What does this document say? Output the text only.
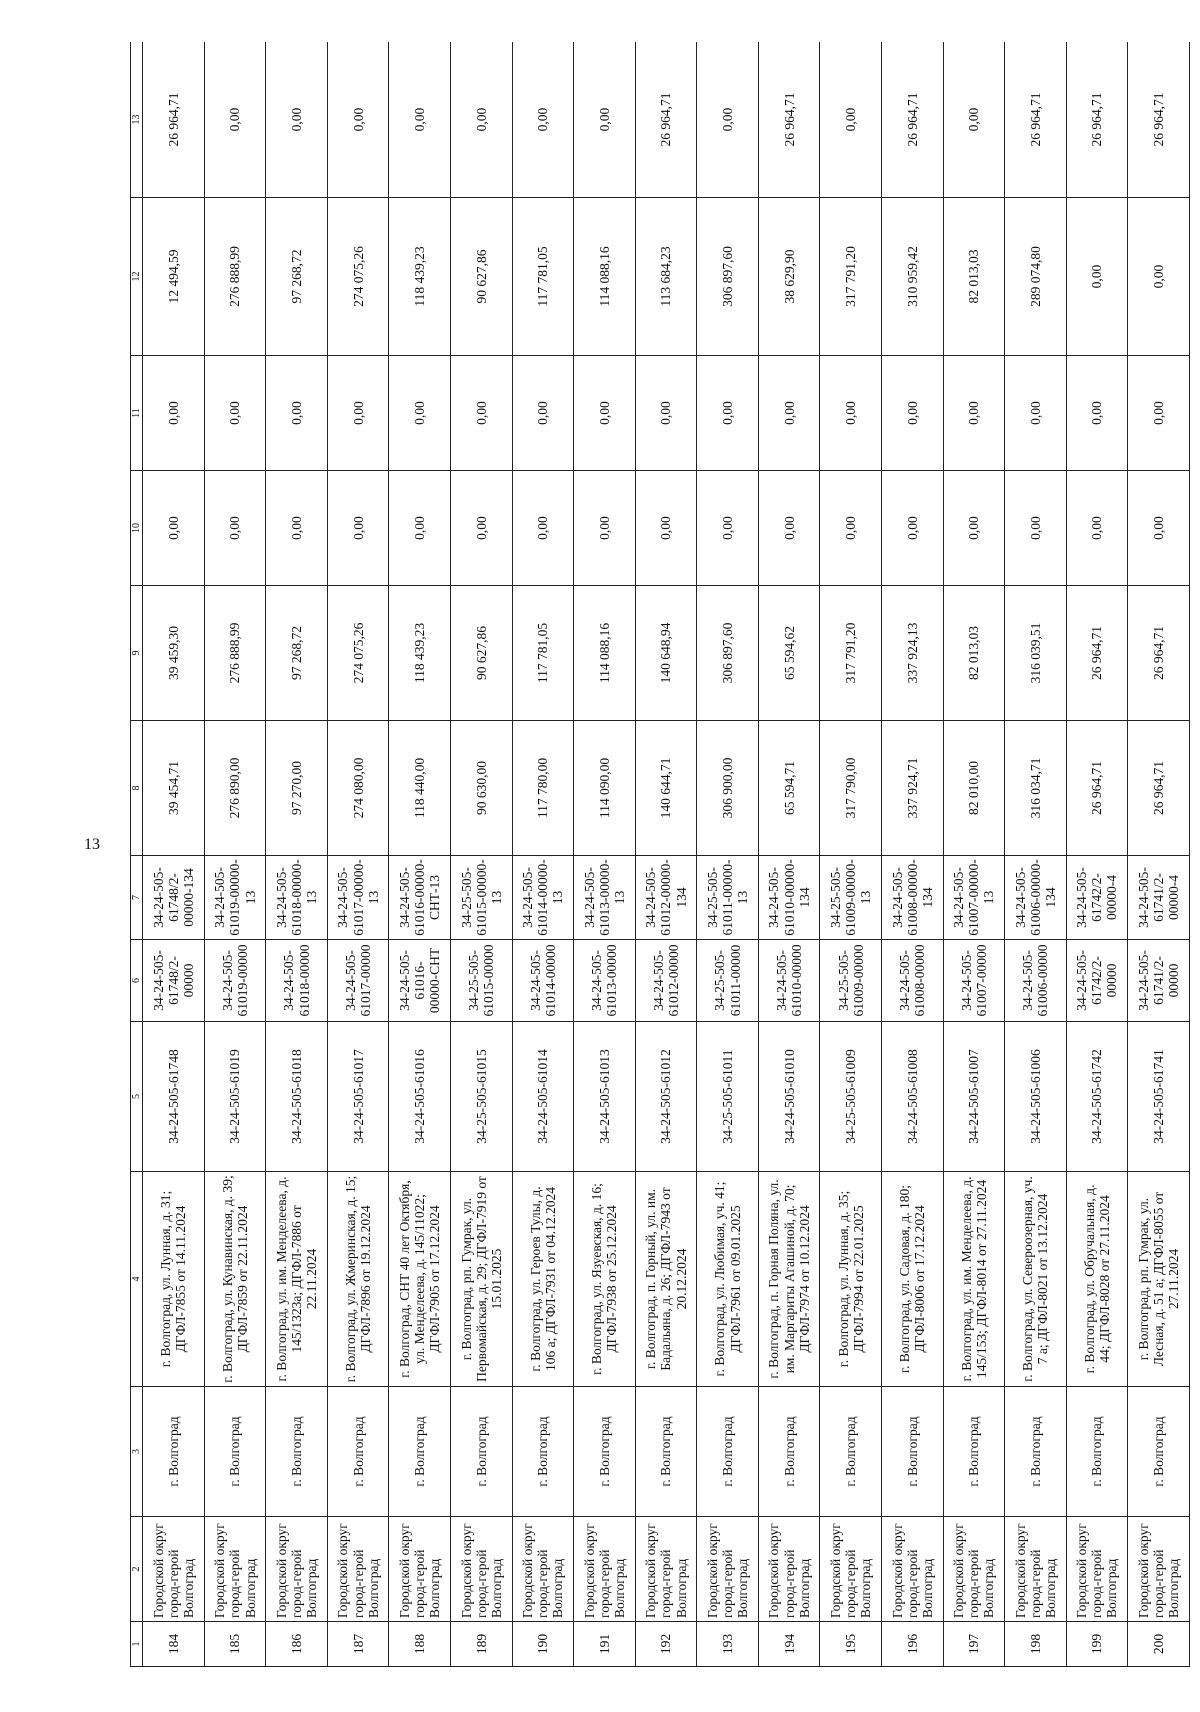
13
1	2	3	4	5	6	7	8	9	10	11	12	13
184	Городской округ город-герой Волгоград	г. Волгоград	г. Волгоград, ул. Лунная, д. 31; ДГФЛ-7855 от 14.11.2024	34-24-505-61748	34-24-505-61748/2-00000	34-24-505-61748/2-00000-134	39 454,71	39 459,30	0,00	0,00	12 494,59	26 964,71
185	Городской округ город-герой Волгоград	г. Волгоград	г. Волгоград, ул. Кунавинская, д. 39; ДГФЛ-7859 от 22.11.2024	34-24-505-61019	34-24-505-61019-00000	34-24-505-61019-00000-13	276 890,00	276 888,99	0,00	0,00	276 888,99	0,00
186	Городской округ город-герой Волгоград	г. Волгоград	г. Волгоград, ул. им. Менделеева, д. 145/1323а; ДГФЛ-7886 от 22.11.2024	34-24-505-61018	34-24-505-61018-00000	34-24-505-61018-00000-13	97 270,00	97 268,72	0,00	0,00	97 268,72	0,00
187	Городской округ город-герой Волгоград	г. Волгоград	г. Волгоград, ул. Жмеринская, д. 15; ДГФЛ-7896 от 19.12.2024	34-24-505-61017	34-24-505-61017-00000	34-24-505-61017-00000-13	274 080,00	274 075,26	0,00	0,00	274 075,26	0,00
188	Городской округ город-герой Волгоград	г. Волгоград	г. Волгоград, СНТ 40 лет Октября, ул. Менделеева, д. 145/11022; ДГФЛ-7905 от 17.12.2024	34-24-505-61016	34-24-505-61016-00000-СНТ	34-24-505-61016-00000-СНТ-13	118 440,00	118 439,23	0,00	0,00	118 439,23	0,00
189	Городской округ город-герой Волгоград	г. Волгоград	г. Волгоград, рп. Гумрак, ул. Первомайская, д. 29; ДГФЛ-7919 от 15.01.2025	34-25-505-61015	34-25-505-61015-00000	34-25-505-61015-00000-13	90 630,00	90 627,86	0,00	0,00	90 627,86	0,00
190	Городской округ город-герой Волгоград	г. Волгоград	г. Волгоград, ул. Героев Тулы, д. 106 а; ДГФЛ-7931 от 04.12.2024	34-24-505-61014	34-24-505-61014-00000	34-24-505-61014-00000-13	117 780,00	117 781,05	0,00	0,00	117 781,05	0,00
191	Городской округ город-герой Волгоград	г. Волгоград	г. Волгоград, ул. Язуевская, д. 16; ДГФЛ-7938 от 25.12.2024	34-24-505-61013	34-24-505-61013-00000	34-24-505-61013-00000-13	114 090,00	114 088,16	0,00	0,00	114 088,16	0,00
192	Городской округ город-герой Волгоград	г. Волгоград	г. Волгоград, п. Горный, ул. им. Бадальяна, д. 26; ДГФЛ-7943 от 20.12.2024	34-24-505-61012	34-24-505-61012-00000	34-24-505-61012-00000-134	140 644,71	140 648,94	0,00	0,00	113 684,23	26 964,71
193	Городской округ город-герой Волгоград	г. Волгоград	г. Волгоград, ул. Любимая, уч. 41; ДГФЛ-7961 от 09.01.2025	34-25-505-61011	34-25-505-61011-00000	34-25-505-61011-00000-13	306 900,00	306 897,60	0,00	0,00	306 897,60	0,00
194	Городской округ город-герой Волгоград	г. Волгоград	г. Волгоград, п. Горная Поляна, ул. им. Маргариты Агашиной, д. 70; ДГФЛ-7974 от 10.12.2024	34-24-505-61010	34-24-505-61010-00000	34-24-505-61010-00000-134	65 594,71	65 594,62	0,00	0,00	38 629,90	26 964,71
195	Городской округ город-герой Волгоград	г. Волгоград	г. Волгоград, ул. Лунная, д. 35; ДГФЛ-7994 от 22.01.2025	34-25-505-61009	34-25-505-61009-00000	34-25-505-61009-00000-13	317 790,00	317 791,20	0,00	0,00	317 791,20	0,00
196	Городской округ город-герой Волгоград	г. Волгоград	г. Волгоград, ул. Садовая, д. 180; ДГФЛ-8006 от 17.12.2024	34-24-505-61008	34-24-505-61008-00000	34-24-505-61008-00000-134	337 924,71	337 924,13	0,00	0,00	310 959,42	26 964,71
197	Городской округ город-герой Волгоград	г. Волгоград	г. Волгоград, ул. им. Менделеева, д. 145/153; ДГФЛ-8014 от 27.11.2024	34-24-505-61007	34-24-505-61007-00000	34-24-505-61007-00000-13	82 010,00	82 013,03	0,00	0,00	82 013,03	0,00
198	Городской округ город-герой Волгоград	г. Волгоград	г. Волгоград, ул. Североозерная, уч. 7 а; ДГФЛ-8021 от 13.12.2024	34-24-505-61006	34-24-505-61006-00000	34-24-505-61006-00000-134	316 034,71	316 039,51	0,00	0,00	289 074,80	26 964,71
199	Городской округ город-герой Волгоград	г. Волгоград	г. Волгоград, ул. Обручальная, д. 44; ДГФЛ-8028 от 27.11.2024	34-24-505-61742	34-24-505-61742/2-00000	34-24-505-61742/2-00000-4	26 964,71	26 964,71	0,00	0,00	0,00	26 964,71
200	Городской округ город-герой Волгоград	г. Волгоград	г. Волгоград, рп. Гумрак, ул. Лесная, д. 51 а; ДГФЛ-8055 от 27.11.2024	34-24-505-61741	34-24-505-61741/2-00000	34-24-505-61741/2-00000-4	26 964,71	26 964,71	0,00	0,00	0,00	26 964,71
